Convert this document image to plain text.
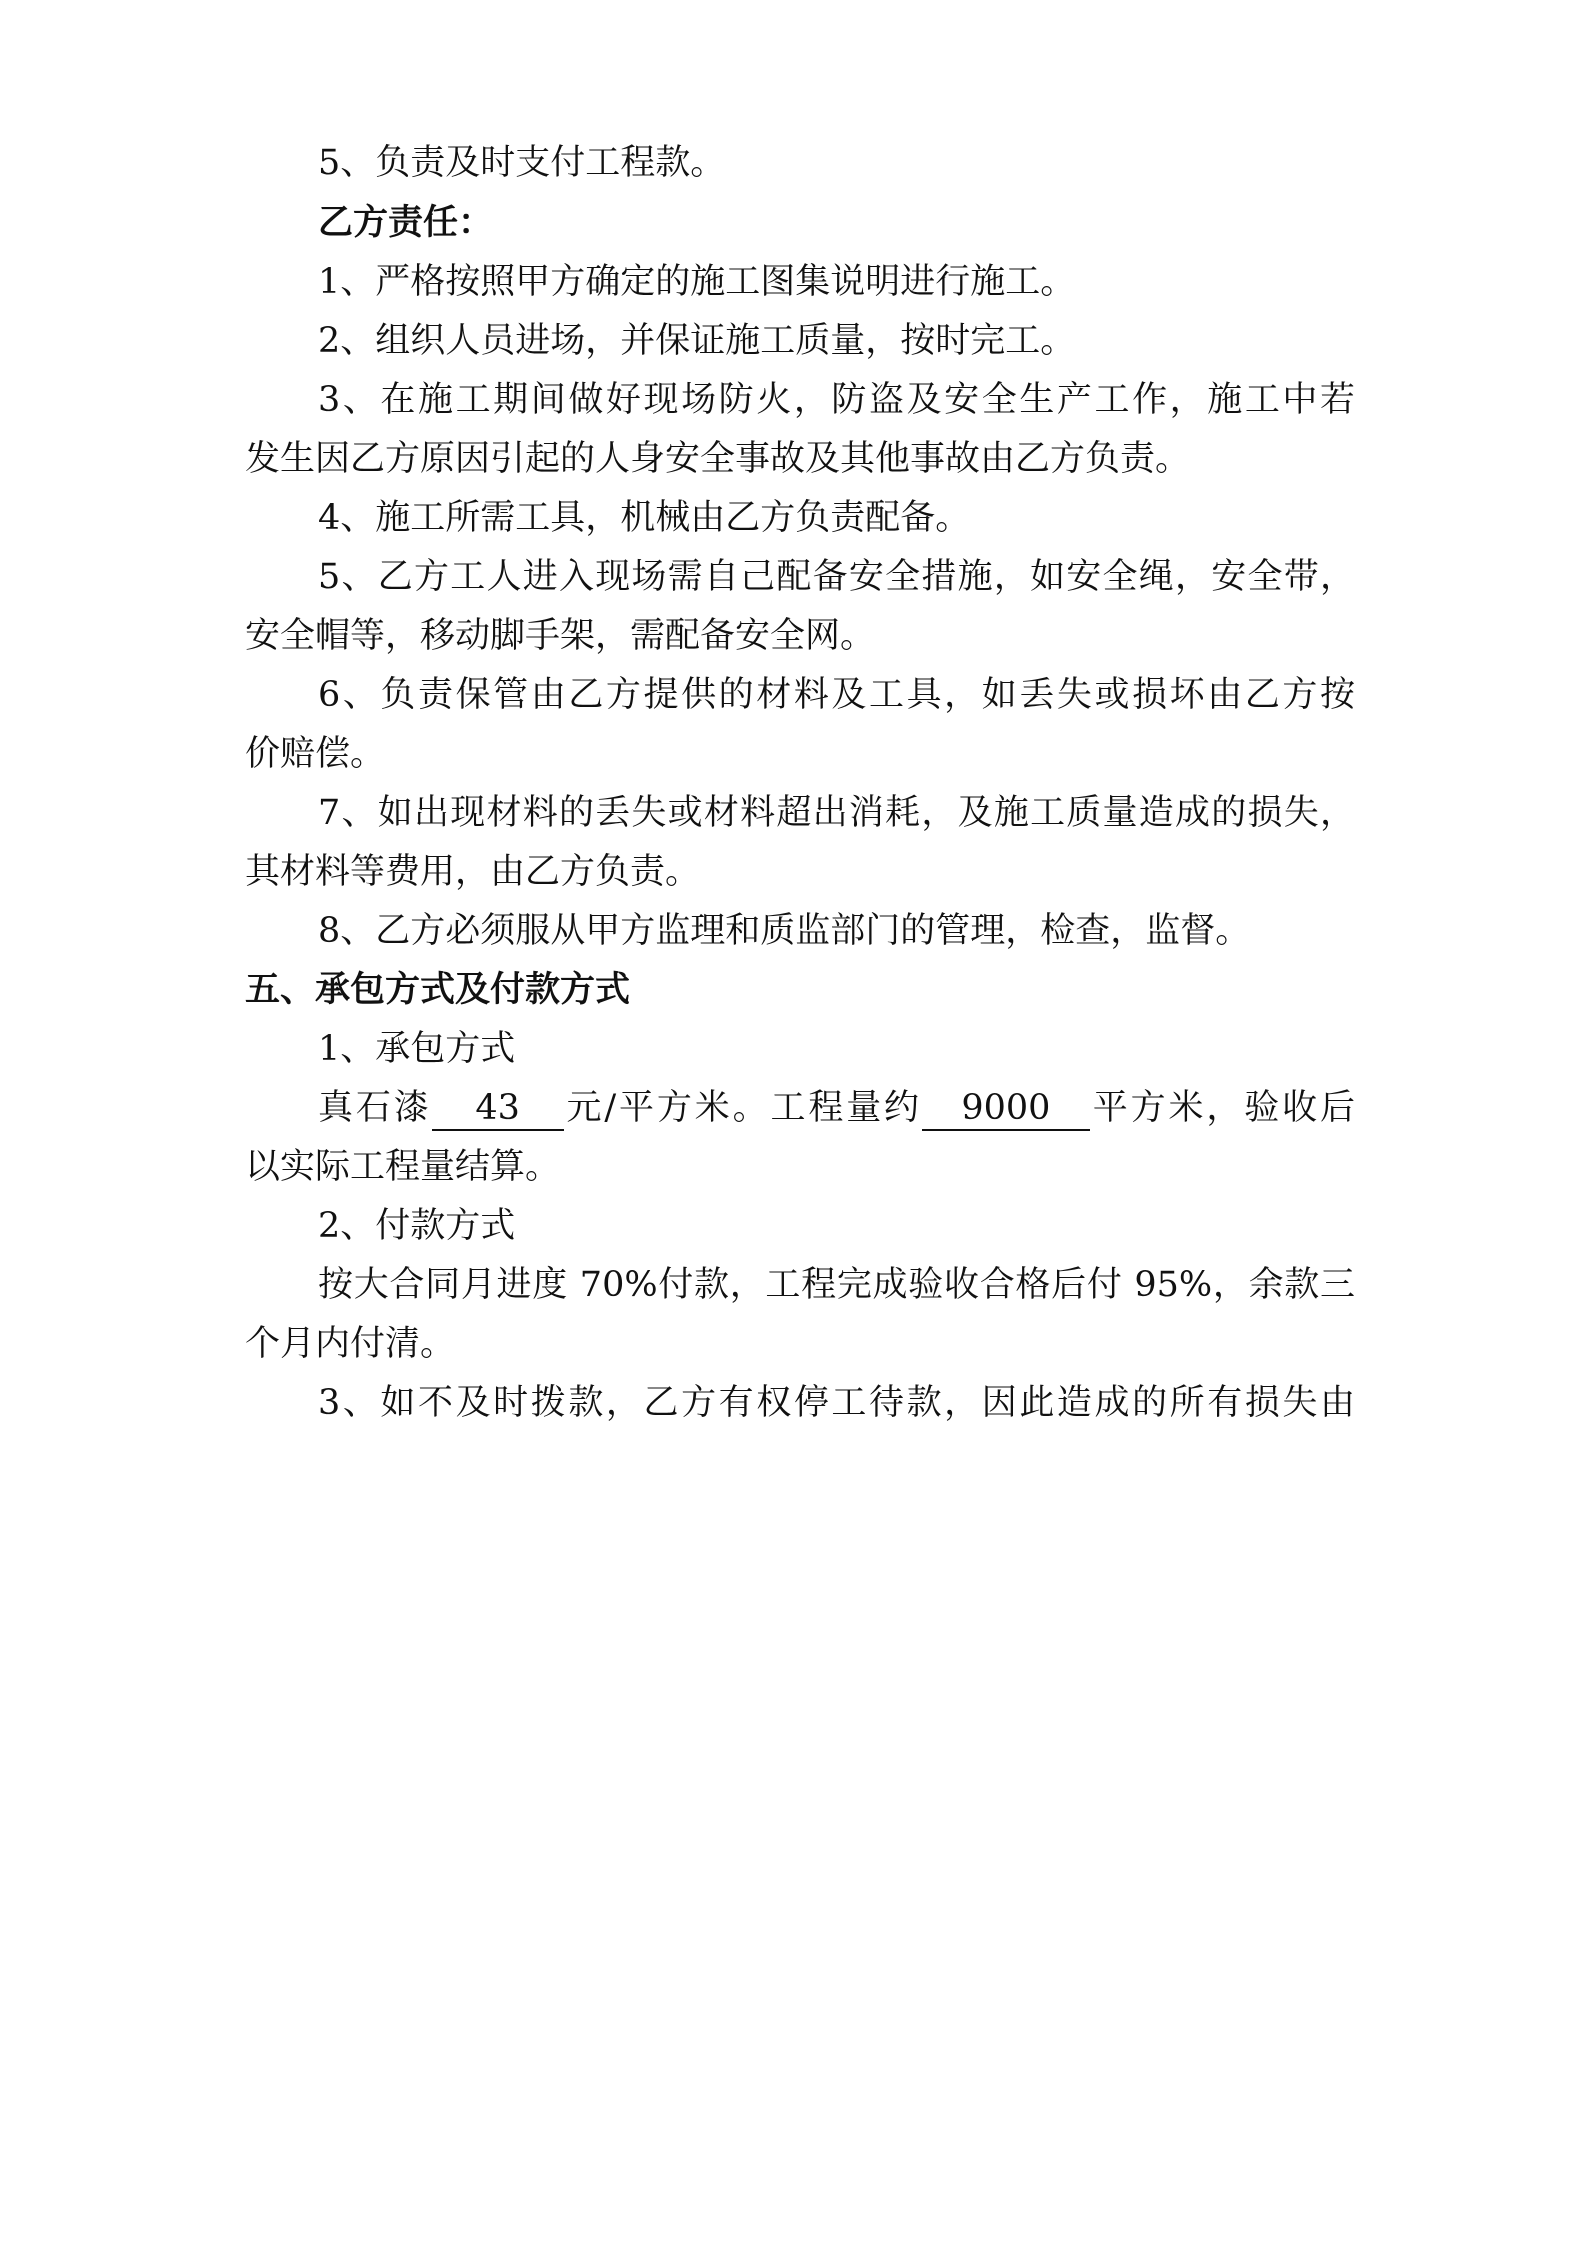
5、负责及时支付工程款。
乙方责任：
1、严格按照甲方确定的施工图集说明进行施工。
2、组织人员进场，并保证施工质量，按时完工。
3、在施工期间做好现场防火，防盗及安全生产工作，施工中若
发生因乙方原因引起的人身安全事故及其他事故由乙方负责。
4、施工所需工具，机械由乙方负责配备。
5、乙方工人进入现场需自己配备安全措施，如安全绳，安全带，
安全帽等，移动脚手架，需配备安全网。
6、负责保管由乙方提供的材料及工具，如丢失或损坏由乙方按
价赔偿。
7、如出现材料的丢失或材料超出消耗，及施工质量造成的损失，
其材料等费用，由乙方负责。
8、乙方必须服从甲方监理和质监部门的管理，检查，监督。
五、承包方式及付款方式
1、承包方式
真石漆 43 元/平方米。工程量约 9000 平方米，验收后
以实际工程量结算。
2、付款方式
按大合同月进度 70%付款，工程完成验收合格后付 95%，余款三
个月内付清。
3、如不及时拨款，乙方有权停工待款，因此造成的所有损失由
